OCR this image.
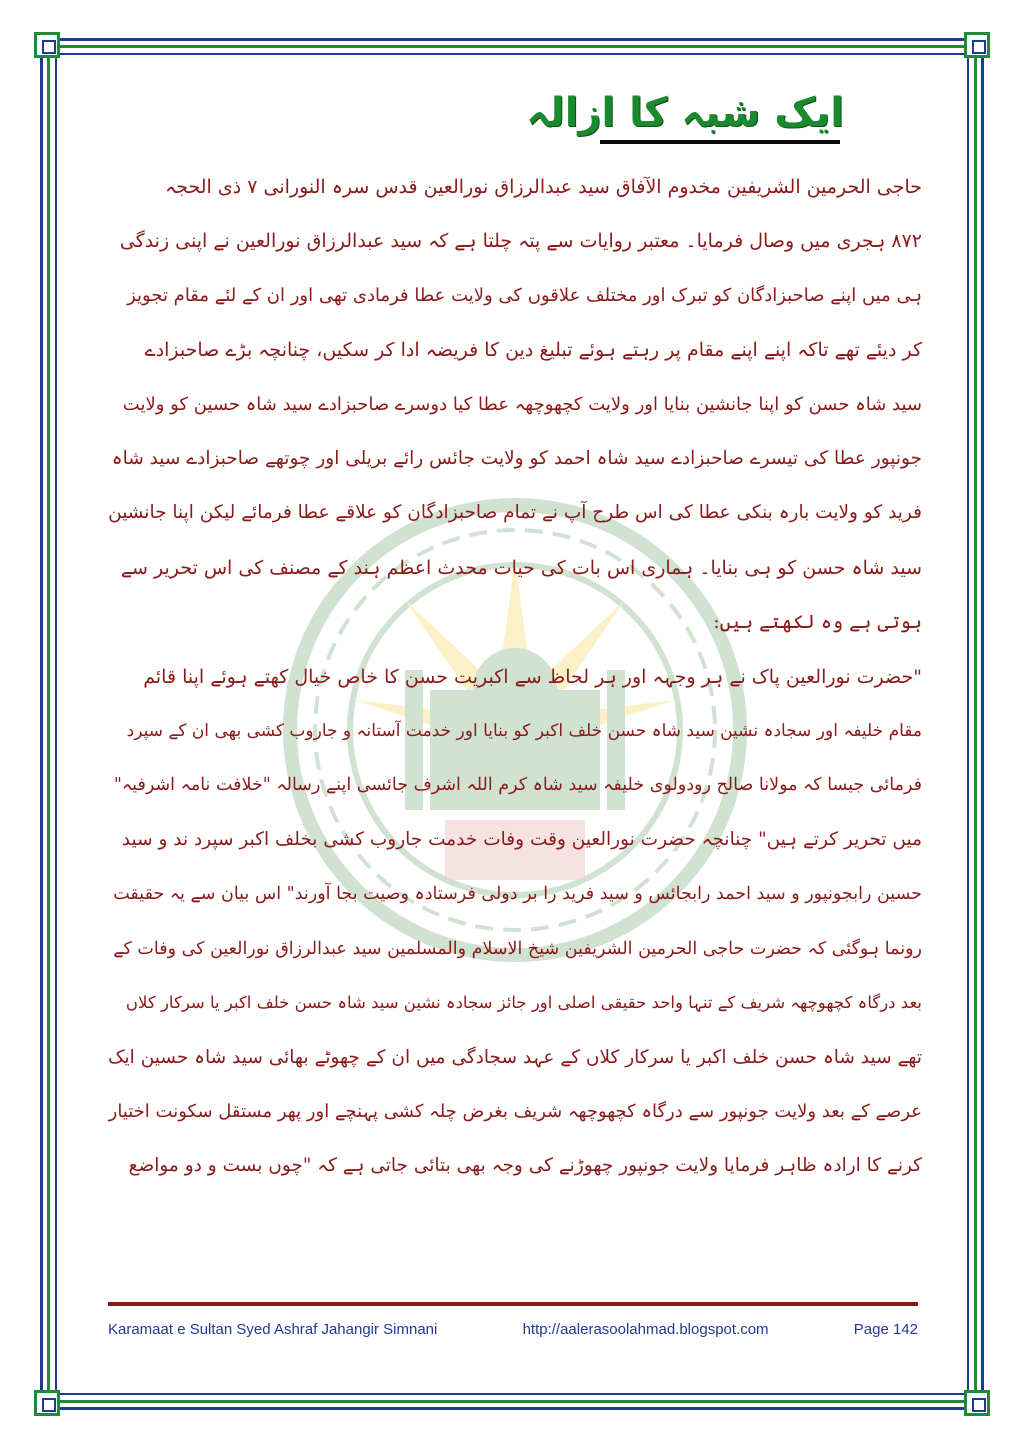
ایک شبہ کا ازالہ

حاجی الحرمین الشریفین مخدوم الآفاق سید عبدالرزاق نورالعین قدس سرہ النورانی ۷ ذی الحجہ
۸۷۲ ہجری میں وصال فرمایا۔ معتبر روایات سے پتہ چلتا ہے کہ سید عبدالرزاق نورالعین نے اپنی زندگی
ہی میں اپنے صاحبزادگان کو تبرک اور مختلف علاقوں کی ولایت عطا فرمادی تھی اور ان کے لئے مقام تجویز
کر دیئے تھے تاکہ اپنے اپنے مقام پر رہتے ہوئے تبلیغ دین کا فریضہ ادا کر سکیں، چنانچہ بڑے صاحبزادے
سید شاہ حسن کو اپنا جانشین بنایا اور ولایت کچھوچھہ عطا کیا دوسرے صاحبزادے سید شاہ حسین کو ولایت
جونپور عطا کی تیسرے صاحبزادے سید شاہ احمد کو ولایت جائس رائے بریلی اور چوتھے صاحبزادے سید شاہ
فرید کو ولایت بارہ بنکی عطا کی اس طرح آپ نے تمام صاحبزادگان کو علاقے عطا فرمائے لیکن اپنا جانشین
سید شاہ حسن کو ہی بنایا۔ ہماری اس بات کی حیات محدث اعظم ہند کے مصنف کی اس تحریر سے
ہوتی ہے وہ لکھتے ہیں:

"حضرت نورالعین پاک نے ہر وجہہ اور ہر لحاظ سے اکبریت حسن کا خاص خیال کھتے ہوئے اپنا قائم
مقام خلیفہ اور سجادہ نشین سید شاہ حسن خلف اکبر کو بنایا اور خدمت آستانہ و جاروب کشی بھی ان کے سپرد
فرمائی جیسا کہ مولانا صالح رودولوی خلیفہ سید شاہ کرم اللہ اشرف جائسی اپنے رسالہ "خلافت نامہ اشرفیہ"
میں تحریر کرتے ہیں" چنانچہ حضرت نورالعین وقت وفات خدمت جاروب کشی بخلف اکبر سپرد ند و سید
حسین رابجونپور و سید احمد رابجائس و سید فرید را بر دولی فرستادہ وصیت بجا آورند" اس بیان سے یہ حقیقت
رونما ہوگئی کہ حضرت حاجی الحرمین الشریفین شیخ الاسلام والمسلمین سید عبدالرزاق نورالعین کی وفات کے
بعد درگاہ کچھوچھہ شریف کے تنہا واحد حقیقی اصلی اور جائز سجادہ نشین سید شاہ حسن خلف اکبر یا سرکار کلاں
تھے سید شاہ حسن خلف اکبر یا سرکار کلاں کے عہد سجادگی میں ان کے چھوٹے بھائی سید شاہ حسین ایک
عرصے کے بعد ولایت جونپور سے درگاہ کچھوچھہ شریف بغرض چلہ کشی پہنچے اور پھر مستقل سکونت اختیار
کرنے کا ارادہ ظاہر فرمایا ولایت جونپور چھوڑنے کی وجہ بھی بتائی جاتی ہے کہ "چوں بست و دو مواضع

Karamaat e Sultan Syed Ashraf Jahangir Simnani	http://aalerasoolahmad.blogspot.com	Page 142
